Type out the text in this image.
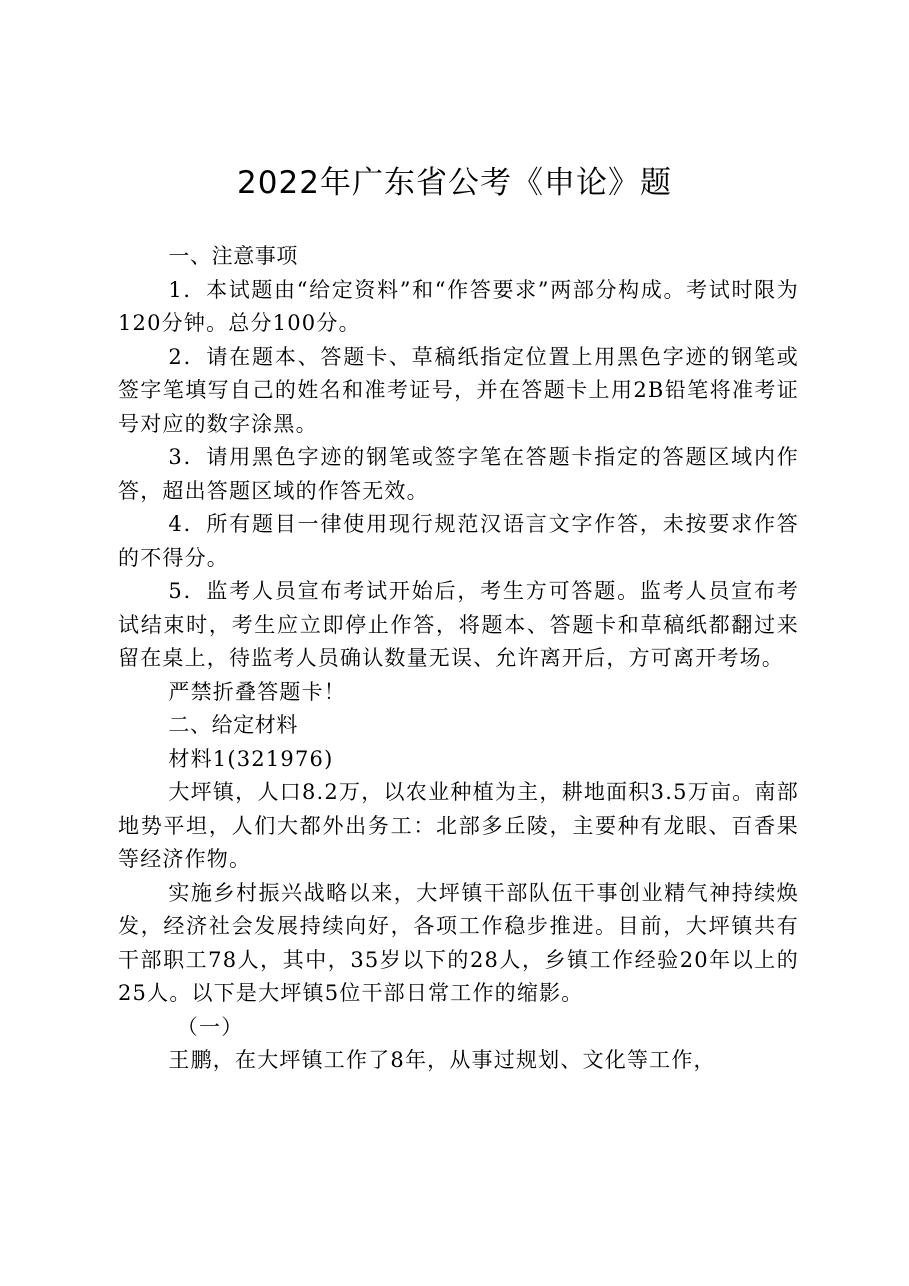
2022年广东省公考《申论》题

一、注意事项

1．本试题由“给定资料”和“作答要求”两部分构成。考试时限为120分钟。总分100分。

2．请在题本、答题卡、草稿纸指定位置上用黑色字迹的钢笔或签字笔填写自己的姓名和准考证号，并在答题卡上用2B铅笔将准考证号对应的数字涂黑。

3．请用黑色字迹的钢笔或签字笔在答题卡指定的答题区域内作答，超出答题区域的作答无效。

4．所有题目一律使用现行规范汉语言文字作答，未按要求作答的不得分。

5．监考人员宣布考试开始后，考生方可答题。监考人员宣布考试结束时，考生应立即停止作答，将题本、答题卡和草稿纸都翻过来留在桌上，待监考人员确认数量无误、允许离开后，方可离开考场。

严禁折叠答题卡！

二、给定材料

材料1(321976)

大坪镇，人口8.2万，以农业种植为主，耕地面积3.5万亩。南部地势平坦，人们大都外出务工：北部多丘陵，主要种有龙眼、百香果等经济作物。

实施乡村振兴战略以来，大坪镇干部队伍干事创业精气神持续焕发，经济社会发展持续向好，各项工作稳步推进。目前，大坪镇共有干部职工78人，其中，35岁以下的28人，乡镇工作经验20年以上的25人。以下是大坪镇5位干部日常工作的缩影。

（一）

王鹏，在大坪镇工作了8年，从事过规划、文化等工作，
